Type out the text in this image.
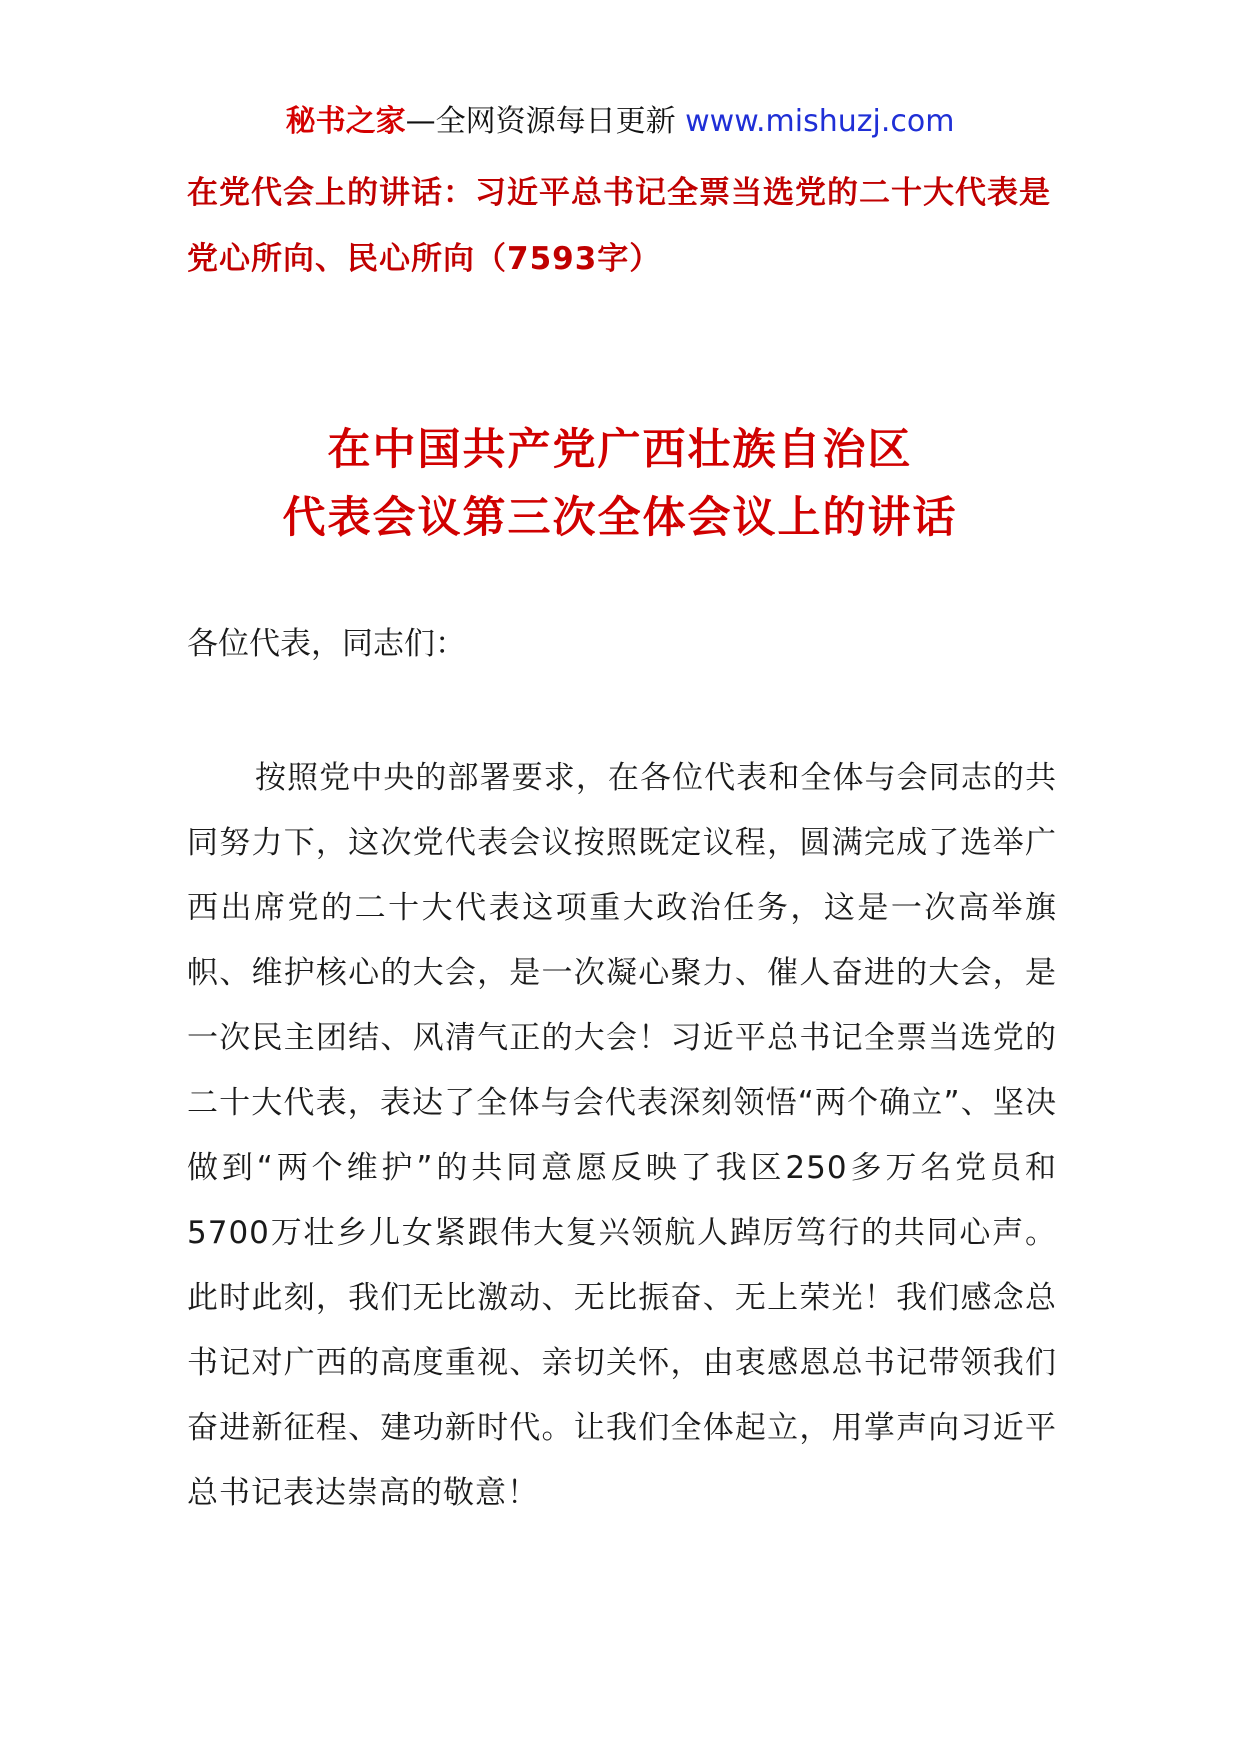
秘书之家—全网资源每日更新 www.mishuzj.com
在党代会上的讲话：习近平总书记全票当选党的二十大代表是党心所向、民心所向（7593字）
在中国共产党广西壮族自治区
代表会议第三次全体会议上的讲话
各位代表，同志们：
按照党中央的部署要求，在各位代表和全体与会同志的共同努力下，这次党代表会议按照既定议程，圆满完成了选举广西出席党的二十大代表这项重大政治任务，这是一次高举旗帜、维护核心的大会，是一次凝心聚力、催人奋进的大会，是一次民主团结、风清气正的大会！习近平总书记全票当选党的二十大代表，表达了全体与会代表深刻领悟“两个确立”、坚决做到“两个维护”的共同意愿反映了我区250多万名党员和5700万壮乡儿女紧跟伟大复兴领航人踔厉笃行的共同心声。此时此刻，我们无比激动、无比振奋、无上荣光！我们感念总书记对广西的高度重视、亲切关怀，由衷感恩总书记带领我们奋进新征程、建功新时代。让我们全体起立，用掌声向习近平总书记表达崇高的敬意！
